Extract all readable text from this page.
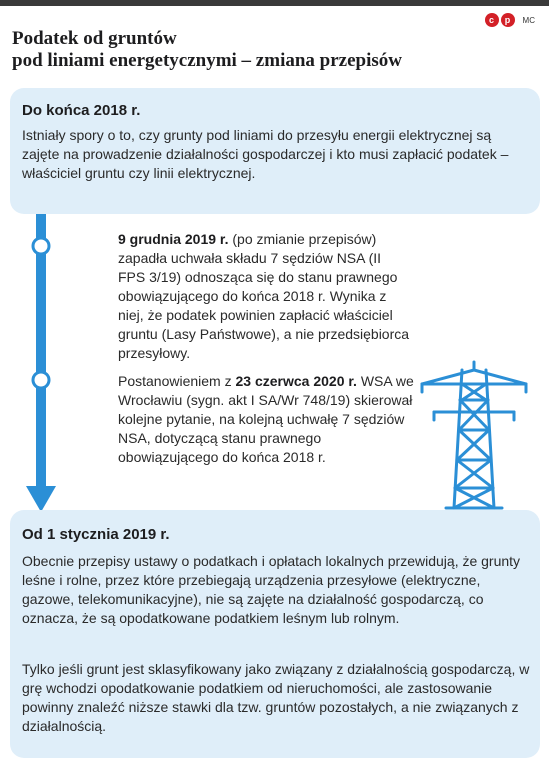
c	p	MC
Podatek od gruntów
pod liniami energetycznymi – zmiana przepisów
Do końca 2018 r.
Istniały spory o to, czy grunty pod liniami do przesyłu energii elektrycznej są zajęte na prowadzenie działalności gospodarczej i kto musi zapłacić podatek – właściciel gruntu czy linii elektrycznej.
9 grudnia 2019 r. (po zmianie przepisów) zapadła uchwała składu 7 sędziów NSA (II FPS 3/19) odnosząca się do stanu prawnego obowiązującego do końca 2018 r. Wynika z niej, że podatek powinien zapłacić właściciel gruntu (Lasy Państwowe), a nie przedsiębiorca przesyłowy.
Postanowieniem z 23 czerwca 2020 r. WSA we Wrocławiu (sygn. akt I SA/Wr 748/19) skierował kolejne pytanie, na kolejną uchwałę 7 sędziów NSA, dotyczącą stanu prawnego obowiązującego do końca 2018 r.
Od 1 stycznia 2019 r.
Obecnie przepisy ustawy o podatkach i opłatach lokalnych przewidują, że grunty leśne i rolne, przez które przebiegają urządzenia przesyłowe (elektryczne, gazowe, telekomunikacyjne), nie są zajęte na działalność gospodarczą, co oznacza, że są opodatkowane podatkiem leśnym lub rolnym.
Tylko jeśli grunt jest sklasyfikowany jako związany z działalnością gospodarczą, w grę wchodzi opodatkowanie podatkiem od nieruchomości, ale zastosowanie powinny znaleźć niższe stawki dla tzw. gruntów pozostałych, a nie związanych z działalnością.
